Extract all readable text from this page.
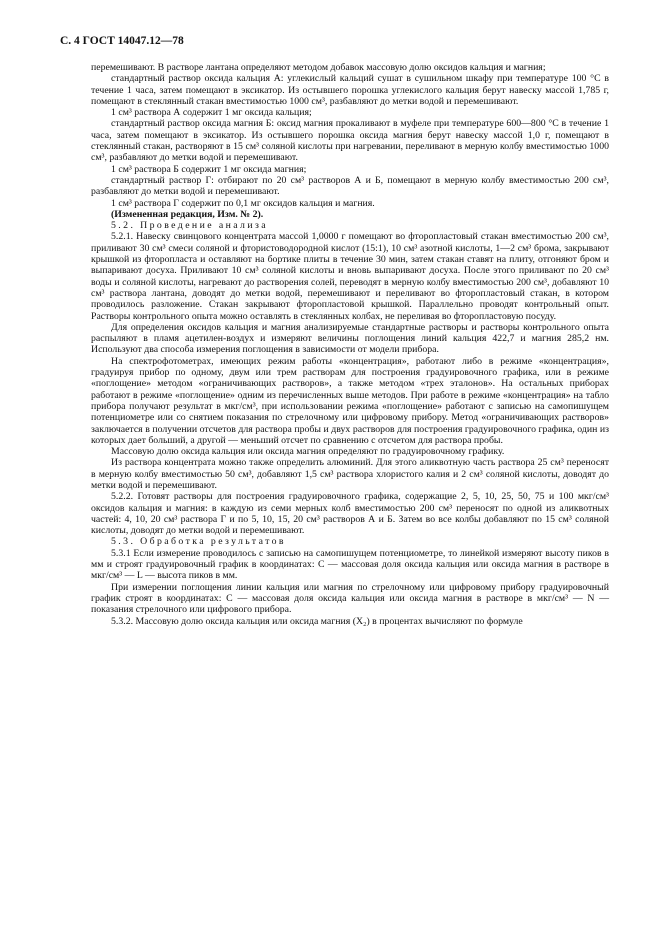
С. 4 ГОСТ 14047.12—78

перемешивают. В растворе лантана определяют методом добавок массовую долю оксидов кальция и магния;

стандартный раствор оксида кальция А: углекислый кальций сушат в сушильном шкафу при температуре 100 °С в течение 1 часа, затем помещают в эксикатор. Из остывшего порошка углекислого кальция берут навеску массой 1,785 г, помещают в стеклянный стакан вместимостью 1000 см³, разбавляют до метки водой и перемешивают.

1 см³ раствора А содержит 1 мг оксида кальция;

стандартный раствор оксида магния Б: оксид магния прокаливают в муфеле при температуре 600—800 °С в течение 1 часа, затем помещают в эксикатор. Из остывшего порошка оксида магния берут навеску массой 1,0 г, помещают в стеклянный стакан, растворяют в 15 см³ соляной кислоты при нагревании, переливают в мерную колбу вместимостью 1000 см³, разбавляют до метки водой и перемешивают.

1 см³ раствора Б содержит 1 мг оксида магния;

стандартный раствор Г: отбирают по 20 см³ растворов А и Б, помещают в мерную колбу вместимостью 200 см³, разбавляют до метки водой и перемешивают.

1 см³ раствора Г содержит по 0,1 мг оксидов кальция и магния.

(Измененная редакция, Изм. № 2).

5.2. Проведение анализа

5.2.1. Навеску свинцового концентрата массой 1,0000 г помещают во фторопластовый стакан вместимостью 200 см³, приливают 30 см³ смеси соляной и фтористоводородной кислот (15:1), 10 см³ азотной кислоты, 1—2 см³ брома, закрывают крышкой из фторопласта и оставляют на бортике плиты в течение 30 мин, затем стакан ставят на плиту, отгоняют бром и выпаривают досуха. Приливают 10 см³ соляной кислоты и вновь выпаривают досуха. После этого приливают по 20 см³ воды и соляной кислоты, нагревают до растворения солей, переводят в мерную колбу вместимостью 200 см³, добавляют 10 см³ раствора лантана, доводят до метки водой, перемешивают и переливают во фторопластовый стакан, в котором проводилось разложение. Стакан закрывают фторопластовой крышкой. Параллельно проводят контрольный опыт. Растворы контрольного опыта можно оставлять в стеклянных колбах, не переливая во фторопластовую посуду.

Для определения оксидов кальция и магния анализируемые стандартные растворы и растворы контрольного опыта распыляют в пламя ацетилен-воздух и измеряют величины поглощения линий кальция 422,7 и магния 285,2 нм. Используют два способа измерения поглощения в зависимости от модели прибора.

На спектрофотометрах, имеющих режим работы «концентрация», работают либо в режиме «концентрация», градуируя прибор по одному, двум или трем растворам для построения градуировочного графика, или в режиме «поглощение» методом «ограничивающих растворов», а также методом «трех эталонов». На остальных приборах работают в режиме «поглощение» одним из перечисленных выше методов. При работе в режиме «концентрация» на табло прибора получают результат в мкг/см³, при использовании режима «поглощение» работают с записью на самопишущем потенциометре или со снятием показания по стрелочному или цифровому прибору. Метод «ограничивающих растворов» заключается в получении отсчетов для раствора пробы и двух растворов для построения градуировочного графика, один из которых дает больший, а другой — меньший отсчет по сравнению с отсчетом для раствора пробы.

Массовую долю оксида кальция или оксида магния определяют по градуировочному графику.

Из раствора концентрата можно также определить алюминий. Для этого аликвотную часть раствора 25 см³ переносят в мерную колбу вместимостью 50 см³, добавляют 1,5 см³ раствора хлористого калия и 2 см³ соляной кислоты, доводят до метки водой и перемешивают.

5.2.2. Готовят растворы для построения градуировочного графика, содержащие 2, 5, 10, 25, 50, 75 и 100 мкг/см³ оксидов кальция и магния: в каждую из семи мерных колб вместимостью 200 см³ переносят по одной из аликвотных частей: 4, 10, 20 см³ раствора Г и по 5, 10, 15, 20 см³ растворов А и Б. Затем во все колбы добавляют по 15 см³ соляной кислоты, доводят до метки водой и перемешивают.

5.3. Обработка результатов

5.3.1 Если измерение проводилось с записью на самопишущем потенциометре, то линейкой измеряют высоту пиков в мм и строят градуировочный график в координатах: C — массовая доля оксида кальция или оксида магния в растворе в мкг/см³ — L — высота пиков в мм.

При измерении поглощения линии кальция или магния по стрелочному или цифровому прибору градуировочный график строят в координатах: C — массовая доля оксида кальция или оксида магния в растворе в мкг/см³ — N — показания стрелочного или цифрового прибора.

5.3.2. Массовую долю оксида кальция или оксида магния (X₂) в процентах вычисляют по формуле
